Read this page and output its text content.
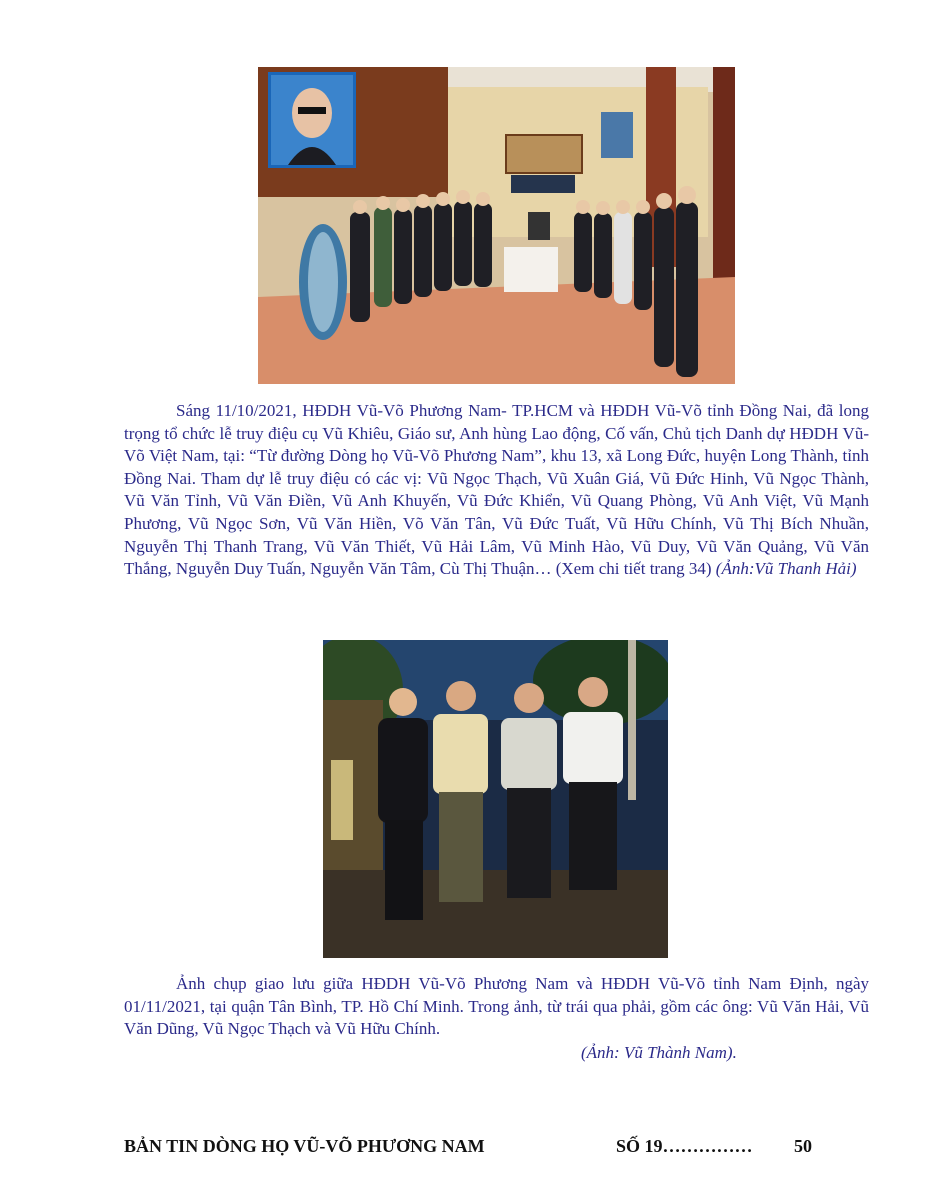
Sáng 11/10/2021, HĐDH Vũ-Võ Phương Nam- TP.HCM và HĐDH Vũ-Võ tỉnh Đồng Nai, đã long trọng tổ chức lễ truy điệu cụ Vũ Khiêu, Giáo sư, Anh hùng Lao động, Cố vấn, Chủ tịch Danh dự HĐDH Vũ-Võ Việt Nam, tại: “Từ đường Dòng họ Vũ-Võ Phương Nam”, khu 13, xã Long Đức, huyện Long Thành, tỉnh Đồng Nai. Tham dự lễ truy điệu có các vị: Vũ Ngọc Thạch, Vũ Xuân Giá, Vũ Đức Hinh, Vũ Ngọc Thành, Vũ Văn Tỉnh, Vũ Văn Điền, Vũ Anh Khuyến, Vũ Đức Khiển, Vũ Quang Phòng, Vũ Anh Việt, Vũ Mạnh Phương, Vũ Ngọc Sơn, Vũ Văn Hiền, Võ Văn Tân, Vũ Đức Tuất, Vũ Hữu Chính, Vũ Thị Bích Nhuần, Nguyễn Thị Thanh Trang, Vũ Văn Thiết, Vũ Hải Lâm, Vũ Minh Hào, Vũ Duy, Vũ Văn Quảng, Vũ Văn Thắng, Nguyễn Duy Tuấn, Nguyễn Văn Tâm, Cù Thị Thuận… (Xem chi tiết trang 34) (Ảnh:Vũ Thanh Hải)

Ảnh chụp giao lưu giữa HĐDH Vũ-Võ Phương Nam và HĐDH Vũ-Võ tỉnh Nam Định, ngày 01/11/2021, tại quận Tân Bình, TP. Hồ Chí Minh. Trong ảnh, từ trái qua phải, gồm các ông: Vũ Văn Hải, Vũ Văn Dũng, Vũ Ngọc Thạch và Vũ Hữu Chính.

(Ảnh: Vũ Thành Nam).
BẢN TIN DÒNG HỌ VŨ-VÕ PHƯƠNG NAM	SỐ 19…………… 50
